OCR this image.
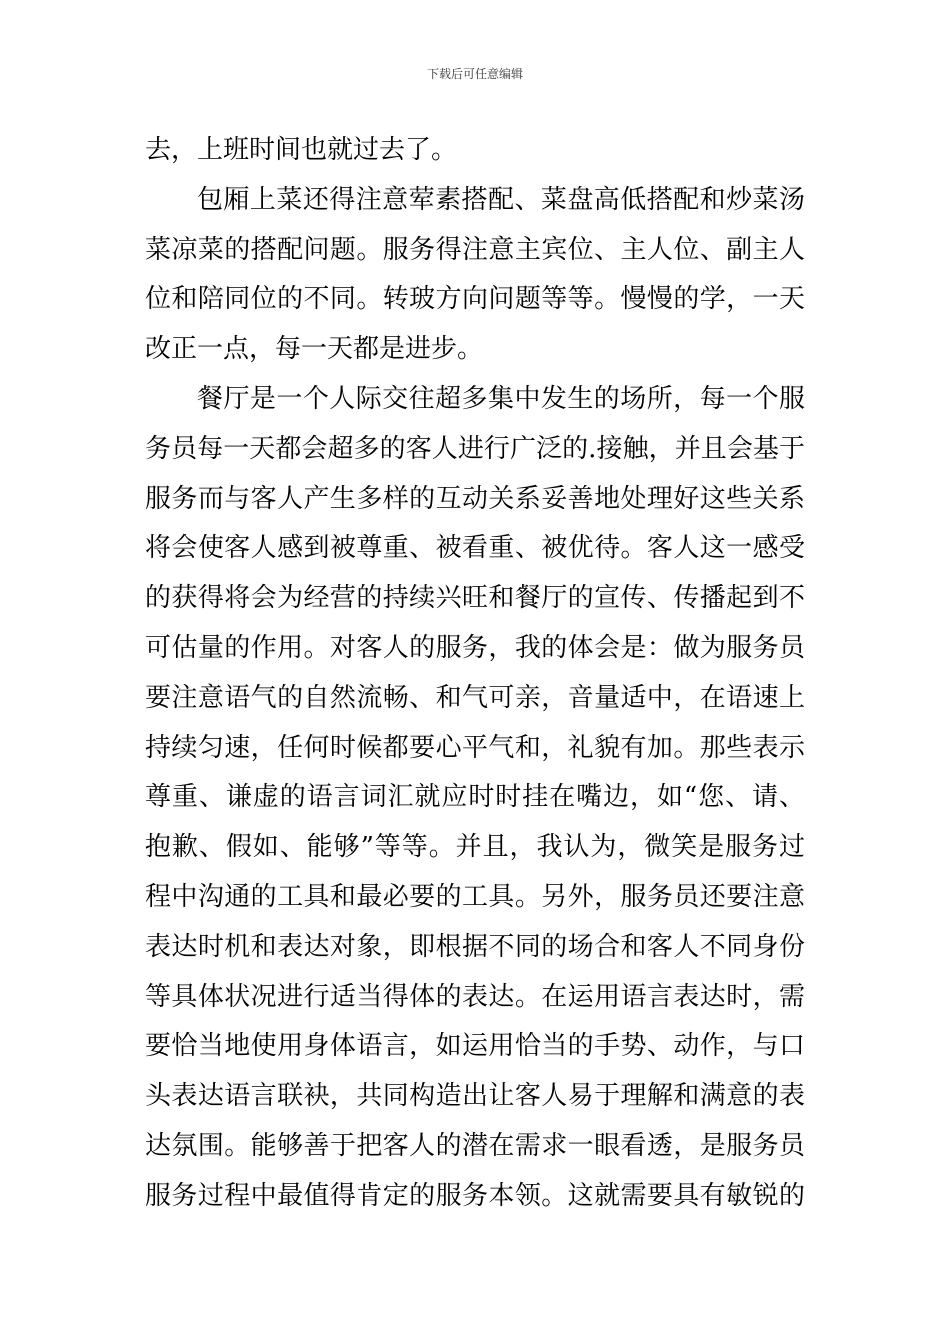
下载后可任意编辑
去，上班时间也就过去了。
包厢上菜还得注意荤素搭配、菜盘高低搭配和炒菜汤
菜凉菜的搭配问题。服务得注意主宾位、主人位、副主人
位和陪同位的不同。转玻方向问题等等。慢慢的学，一天
改正一点，每一天都是进步。
餐厅是一个人际交往超多集中发生的场所，每一个服
务员每一天都会超多的客人进行广泛的.接触，并且会基于
服务而与客人产生多样的互动关系妥善地处理好这些关系
将会使客人感到被尊重、被看重、被优待。客人这一感受
的获得将会为经营的持续兴旺和餐厅的宣传、传播起到不
可估量的作用。对客人的服务，我的体会是：做为服务员
要注意语气的自然流畅、和气可亲，音量适中，在语速上
持续匀速，任何时候都要心平气和，礼貌有加。那些表示
尊重、谦虚的语言词汇就应时时挂在嘴边，如“您、请、
抱歉、假如、能够”等等。并且，我认为，微笑是服务过
程中沟通的工具和最必要的工具。另外，服务员还要注意
表达时机和表达对象，即根据不同的场合和客人不同身份
等具体状况进行适当得体的表达。在运用语言表达时，需
要恰当地使用身体语言，如运用恰当的手势、动作，与口
头表达语言联袂，共同构造出让客人易于理解和满意的表
达氛围。能够善于把客人的潜在需求一眼看透，是服务员
服务过程中最值得肯定的服务本领。这就需要具有敏锐的
